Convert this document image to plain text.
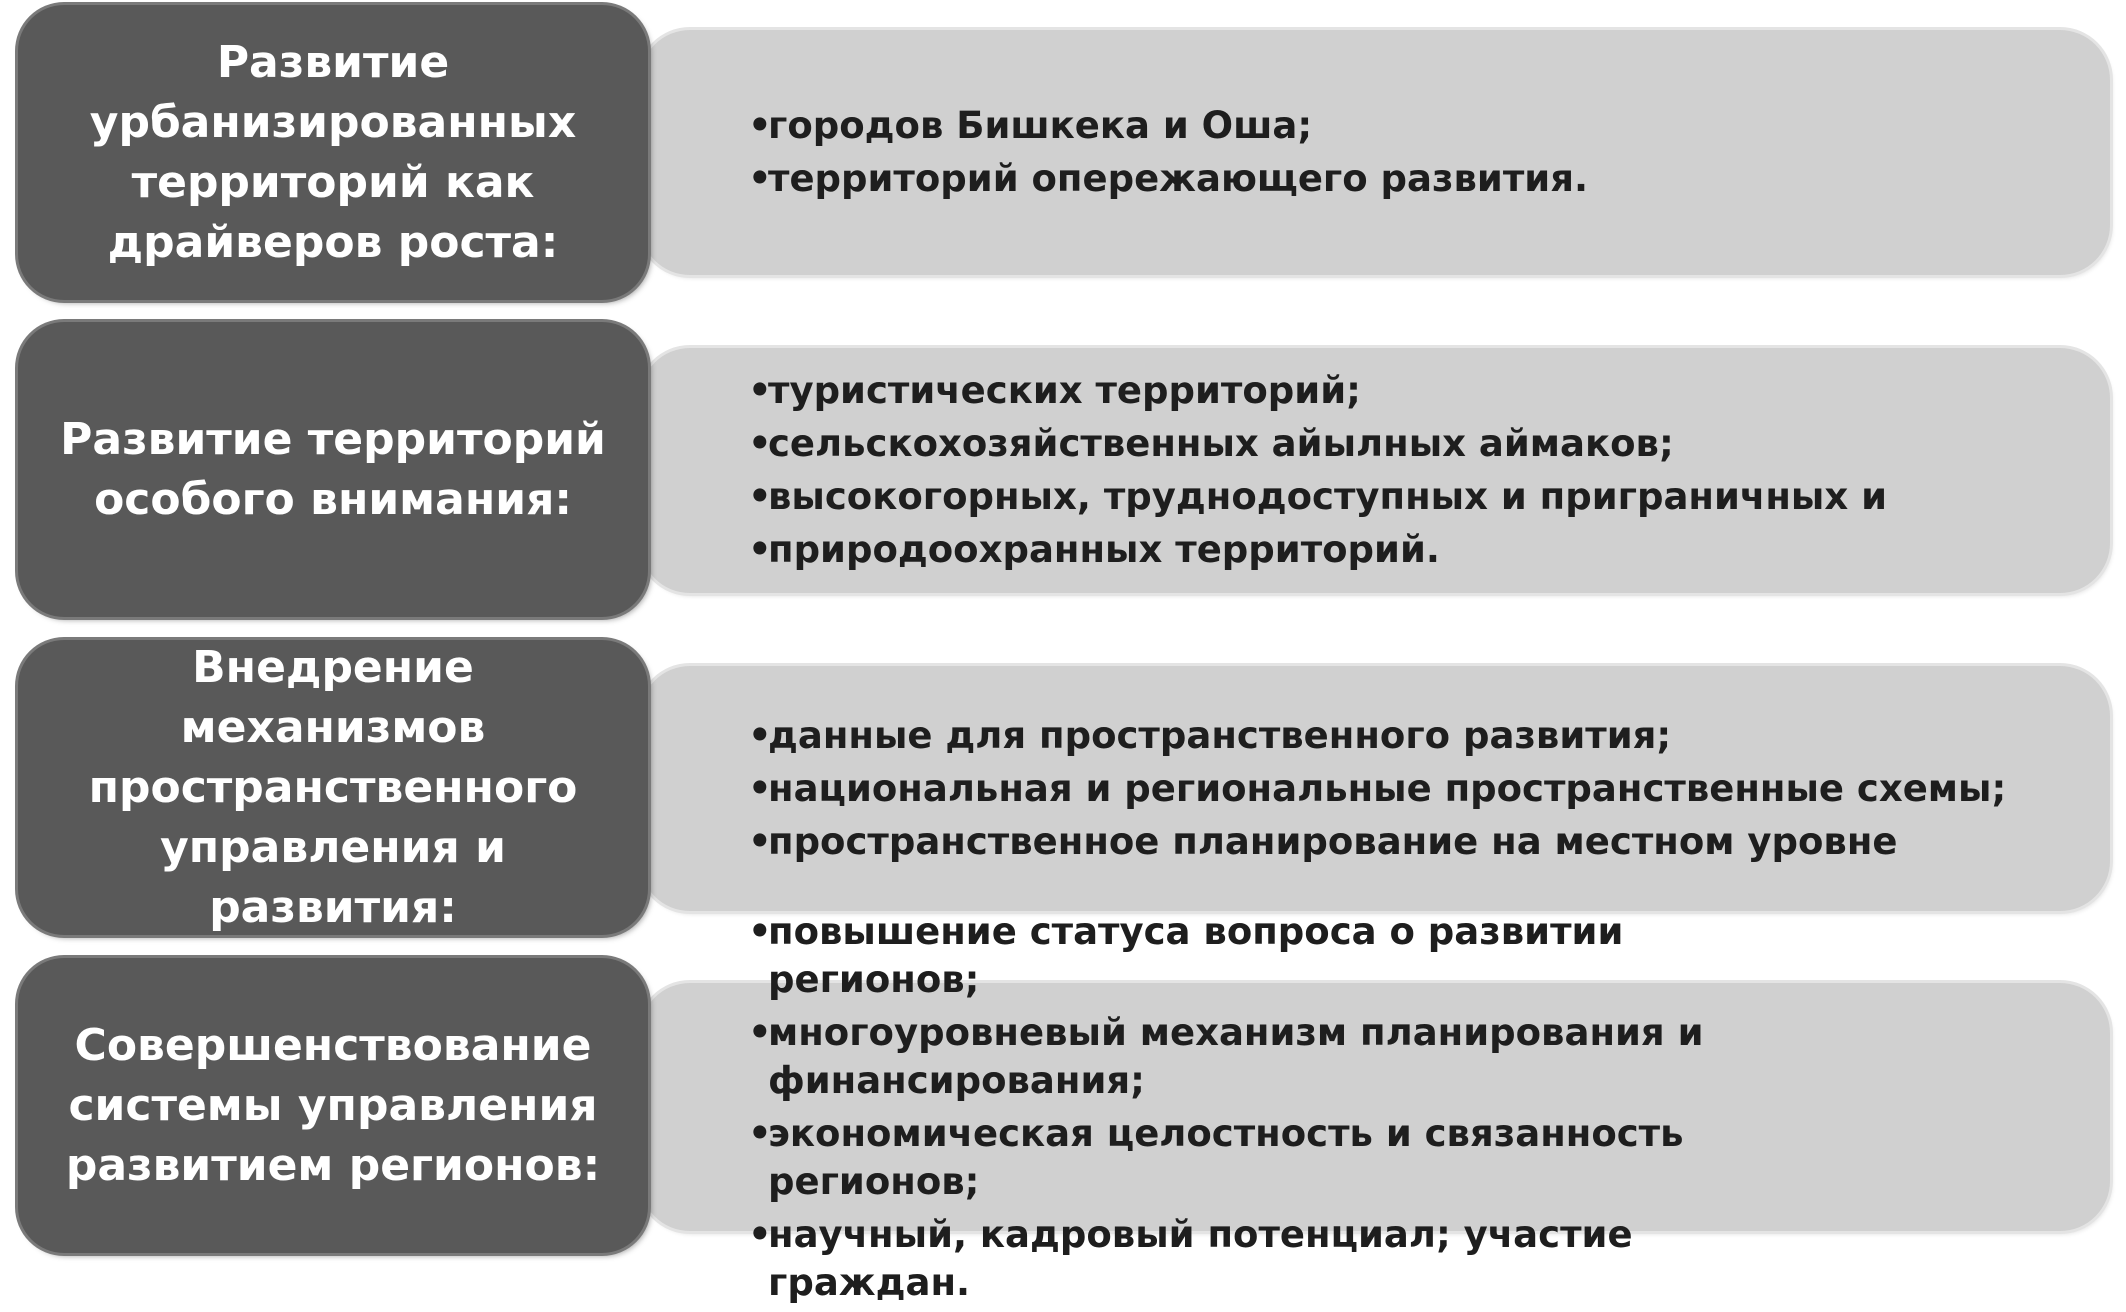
•городов Бишкека и Оша;
•территорий опережающего развития.
Развитие урбанизированных территорий как драйверов роста:
•туристических территорий;
•сельскохозяйственных айылных аймаков;
•высокогорных, труднодоступных и приграничных и
•природоохранных территорий.
Развитие территорий особого внимания:
•данные для пространственного развития;
•национальная и региональные пространственные схемы;
•пространственное планирование на местном уровне
Внедрение механизмов пространственного управления и развития:	•повышение статуса вопроса о развитии регионов;
•многоуровневый механизм планирования и финансирования;
•экономическая целостность и связанность регионов;
•научный, кадровый потенциал; участие граждан.
Совершенствование системы управления развитием регионов:
